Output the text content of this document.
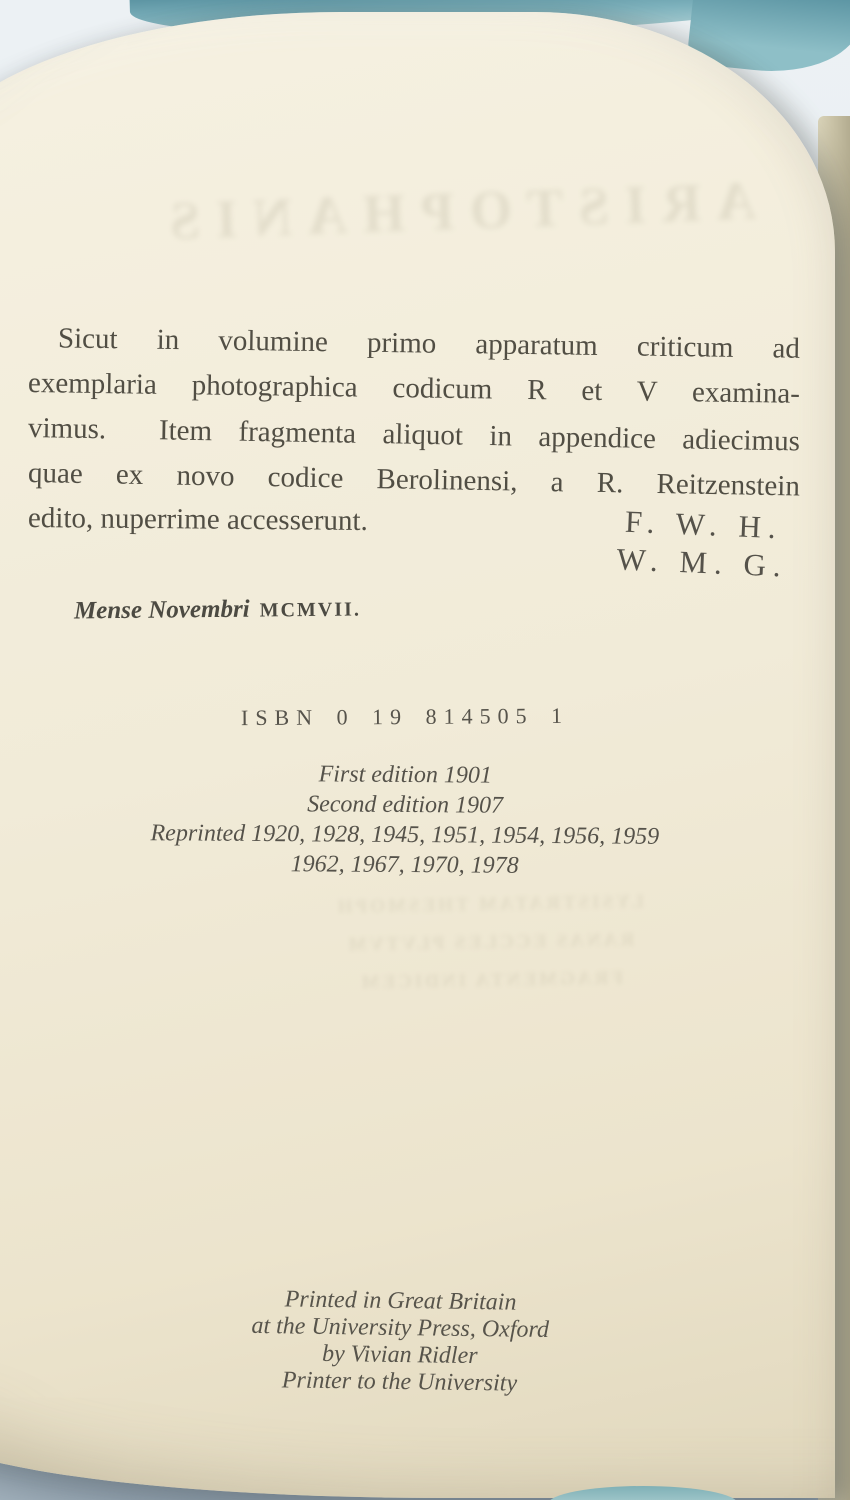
Sicut in volumine primo apparatum criticum ad
exemplaria photographica codicum R et V examina-
vimus.  Item fragmenta aliquot in appendice adiecimus
quae ex novo codice Berolinensi, a R. Reitzenstein
edito, nuperrime accesserunt.	F. W. H.
W. M. G.
Mense Novembri MCMVII.
ISBN 0 19 814505 1
First edition 1901
Second edition 1907
Reprinted 1920, 1928, 1945, 1951, 1954, 1956, 1959
1962, 1967, 1970, 1978
Printed in Great Britain
at the University Press, Oxford
by Vivian Ridler
Printer to the University
